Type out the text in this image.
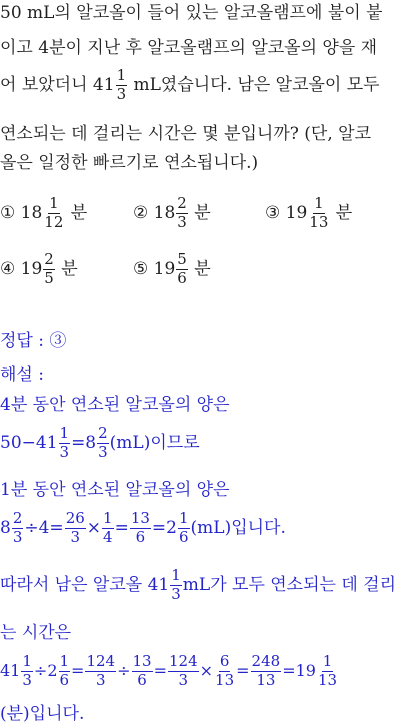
50 mL의 알코올이 들어 있는 알코올램프에 불이 붙
이고 4분이 지난 후 알코올램프의 알코올의 양을 재
어 보았더니 $41 \frac{1}{3}$ mL였습니다. 남은 알코올이 모두
연소되는 데 걸리는 시간은 몇 분입니까? (단, 알코
올은 일정한 빠르기로 연소됩니다.)
① $18 \frac{1}{12}$ 분	② $18 \frac{2}{3}$ 분	③ $19 \frac{1}{13}$ 분
④ $19 \frac{2}{5}$ 분	⑤ $19 \frac{5}{6}$ 분
정답 : ③
해설 :
4분 동안 연소된 알코올의 양은
$50-41 \frac{1}{3} =8 \frac{2}{3} (mL)$이므로
1분 동안 연소된 알코올의 양은
$8 \frac{2}{3} \div 4= \frac{26}{3} \times \frac{1}{4} = \frac{13}{6} =2 \frac{1}{6} (mL)$입니다.
따라서 남은 알코올 $41 \frac{1}{3}$ mL가 모두 연소되는 데 걸리
는 시간은
$41 \frac{1}{3} \div 2 \frac{1}{6} = \frac{124}{3} \div \frac{13}{6} = \frac{124}{3} \times \frac{6}{13} = \frac{248}{13} =19 \frac{1}{13}$
(분)입니다.
